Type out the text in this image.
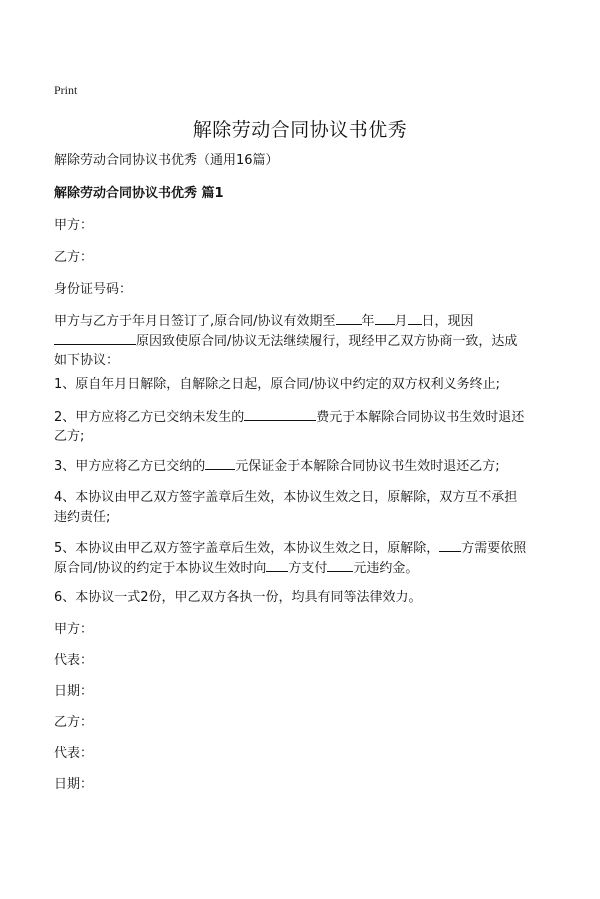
Print
解除劳动合同协议书优秀
解除劳动合同协议书优秀（通用16篇）
解除劳动合同协议书优秀 篇1
甲方：
乙方：
身份证号码：
甲方与乙方于年月日签订了,原合同/协议有效期至 年 月 日，现因
原因致使原合同/协议无法继续履行，现经甲乙双方协商一致，达成
如下协议：
1、原自年月日解除，自解除之日起，原合同/协议中约定的双方权利义务终止;
2、甲方应将乙方已交纳未发生的	费元于本解除合同协议书生效时退还
乙方;
3、甲方应将乙方已交纳的 元保证金于本解除合同协议书生效时退还乙方;
4、本协议由甲乙双方签字盖章后生效，本协议生效之日，原解除，双方互不承担
违约责任;
5、本协议由甲乙双方签字盖章后生效，本协议生效之日，原解除， 方需要依照
原合同/协议的约定于本协议生效时向 方支付 元违约金。
6、本协议一式2份，甲乙双方各执一份，均具有同等法律效力。
甲方：
代表：
日期：
乙方：
代表：
日期：
